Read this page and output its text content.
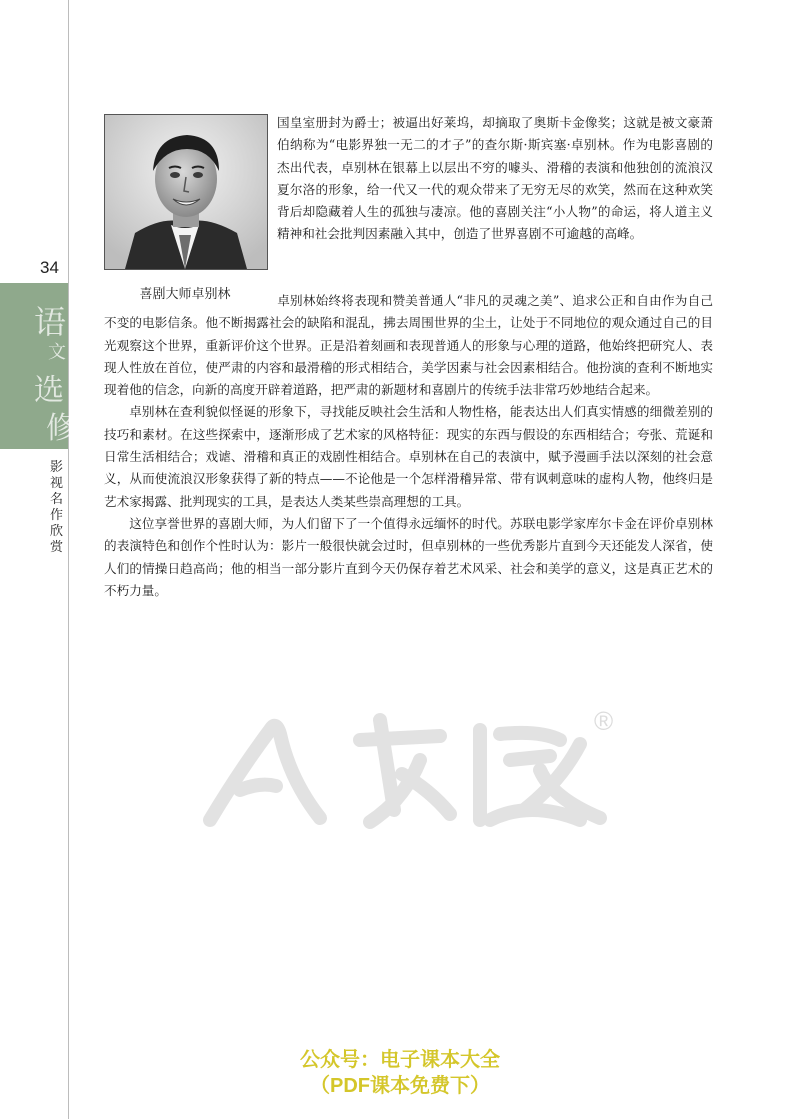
34
语
文
选
修
影视名作欣赏
喜剧大师卓别林

国皇室册封为爵士；被逼出好莱坞，却摘取了奥斯卡金像奖；这就是被文豪萧伯纳称为“电影界独一无二的才子”的查尔斯·斯宾塞·卓别林。作为电影喜剧的杰出代表，卓别林在银幕上以层出不穷的噱头、滑稽的表演和他独创的流浪汉夏尔洛的形象，给一代又一代的观众带来了无穷无尽的欢笑，然而在这种欢笑背后却隐藏着人生的孤独与凄凉。他的喜剧关注“小人物”的命运，将人道主义精神和社会批判因素融入其中，创造了世界喜剧不可逾越的高峰。

卓别林始终将表现和赞美普通人“非凡的灵魂之美”、追求公正和自由作为自己不变的电影信条。他不断揭露社会的缺陷和混乱，拂去周围世界的尘土，让处于不同地位的观众通过自己的目光观察这个世界，重新评价这个世界。正是沿着刻画和表现普通人的形象与心理的道路，他始终把研究人、表现人性放在首位，使严肃的内容和最滑稽的形式相结合，美学因素与社会因素相结合。他扮演的查利不断地实现着他的信念，向新的高度开辟着道路，把严肃的新题材和喜剧片的传统手法非常巧妙地结合起来。

卓别林在查利貌似怪诞的形象下，寻找能反映社会生活和人物性格，能表达出人们真实情感的细微差别的技巧和素材。在这些探索中，逐渐形成了艺术家的风格特征：现实的东西与假设的东西相结合；夸张、荒诞和日常生活相结合；戏谑、滑稽和真正的戏剧性相结合。卓别林在自己的表演中，赋予漫画手法以深刻的社会意义，从而使流浪汉形象获得了新的特点——不论他是一个怎样滑稽异常、带有讽刺意味的虚构人物，他终归是艺术家揭露、批判现实的工具，是表达人类某些崇高理想的工具。

这位享誉世界的喜剧大师，为人们留下了一个值得永远缅怀的时代。苏联电影学家库尔卡金在评价卓别林的表演特色和创作个性时认为：影片一般很快就会过时，但卓别林的一些优秀影片直到今天还能发人深省，使人们的情操日趋高尚；他的相当一部分影片直到今天仍保存着艺术风采、社会和美学的意义，这是真正艺术的不朽力量。

®
公众号：电子课本大全
（PDF课本免费下）
